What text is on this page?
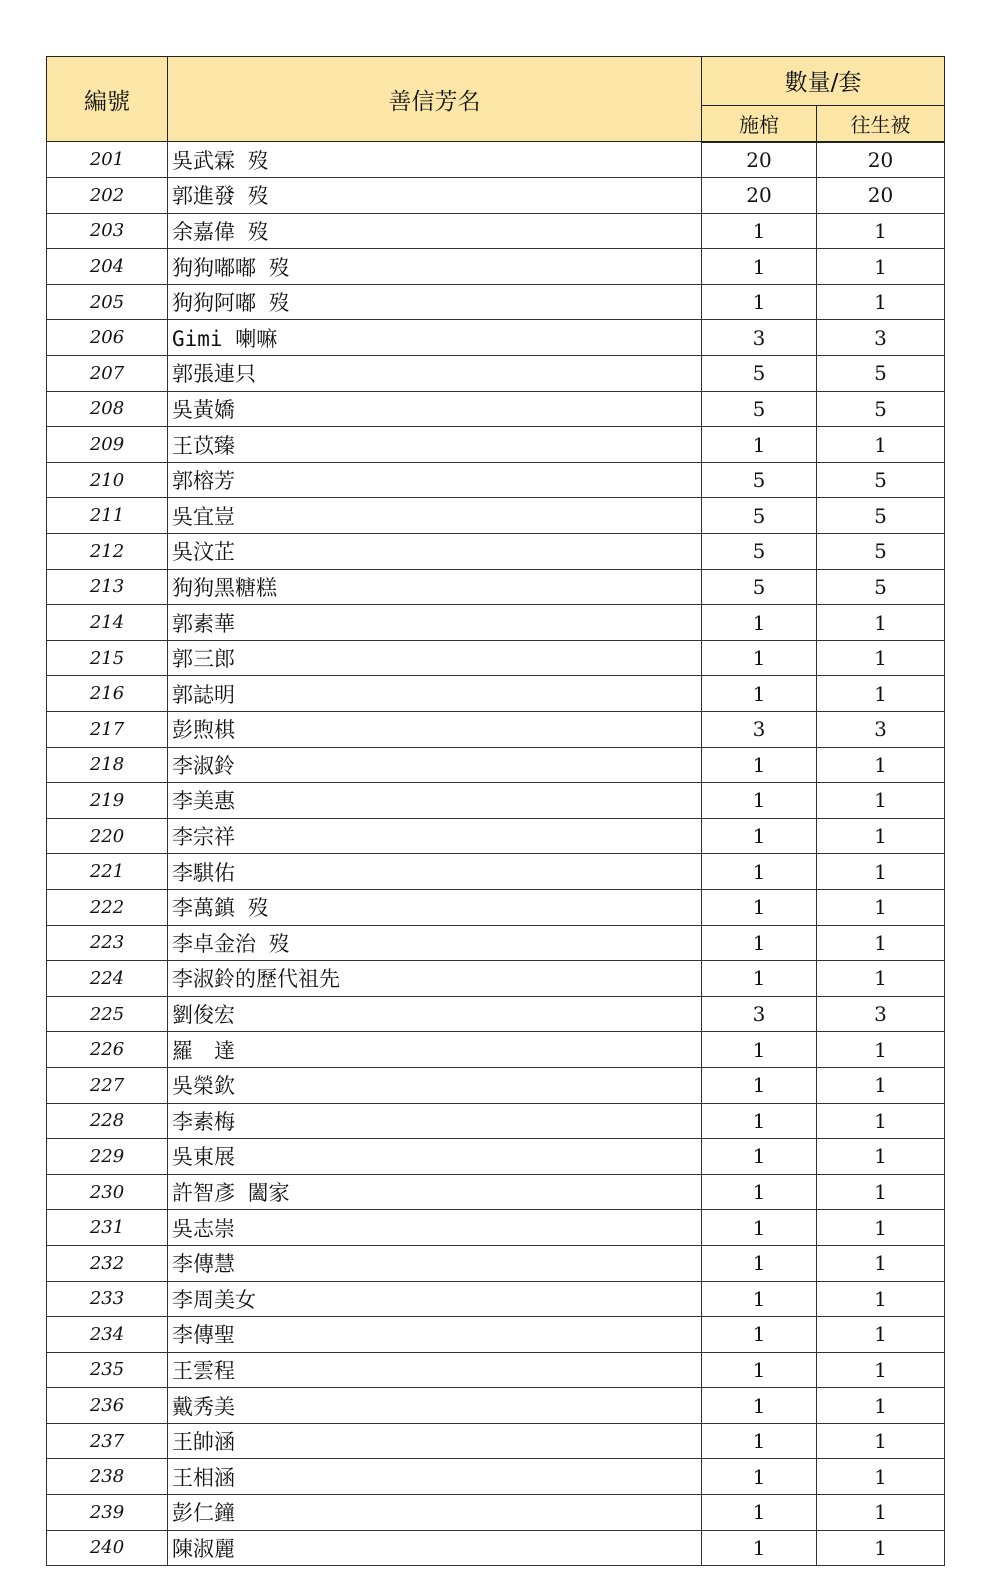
編號	善信芳名	數量/套	
		施棺	往生被
201	吳武霖 歿	20	20
202	郭進發 歿	20	20
203	余嘉偉 歿	1	1
204	狗狗嘟嘟 歿	1	1
205	狗狗阿嘟 歿	1	1
206	Gimi 喇嘛	3	3
207	郭張連只	5	5
208	吳黃嬌	5	5
209	王苡臻	1	1
210	郭榕芳	5	5
211	吳宜豈	5	5
212	吳汶芷	5	5
213	狗狗黑糖糕	5	5
214	郭素華	1	1
215	郭三郎	1	1
216	郭誌明	1	1
217	彭煦棋	3	3
218	李淑鈴	1	1
219	李美惠	1	1
220	李宗祥	1	1
221	李騏佑	1	1
222	李萬鎮 歿	1	1
223	李卓金治 歿	1	1
224	李淑鈴的歷代祖先	1	1
225	劉俊宏	3	3
226	羅　達	1	1
227	吳榮欽	1	1
228	李素梅	1	1
229	吳東展	1	1
230	許智彥 闔家	1	1
231	吳志崇	1	1
232	李傳慧	1	1
233	李周美女	1	1
234	李傳聖	1	1
235	王雲程	1	1
236	戴秀美	1	1
237	王帥涵	1	1
238	王相涵	1	1
239	彭仁鐘	1	1
240	陳淑麗	1	1
